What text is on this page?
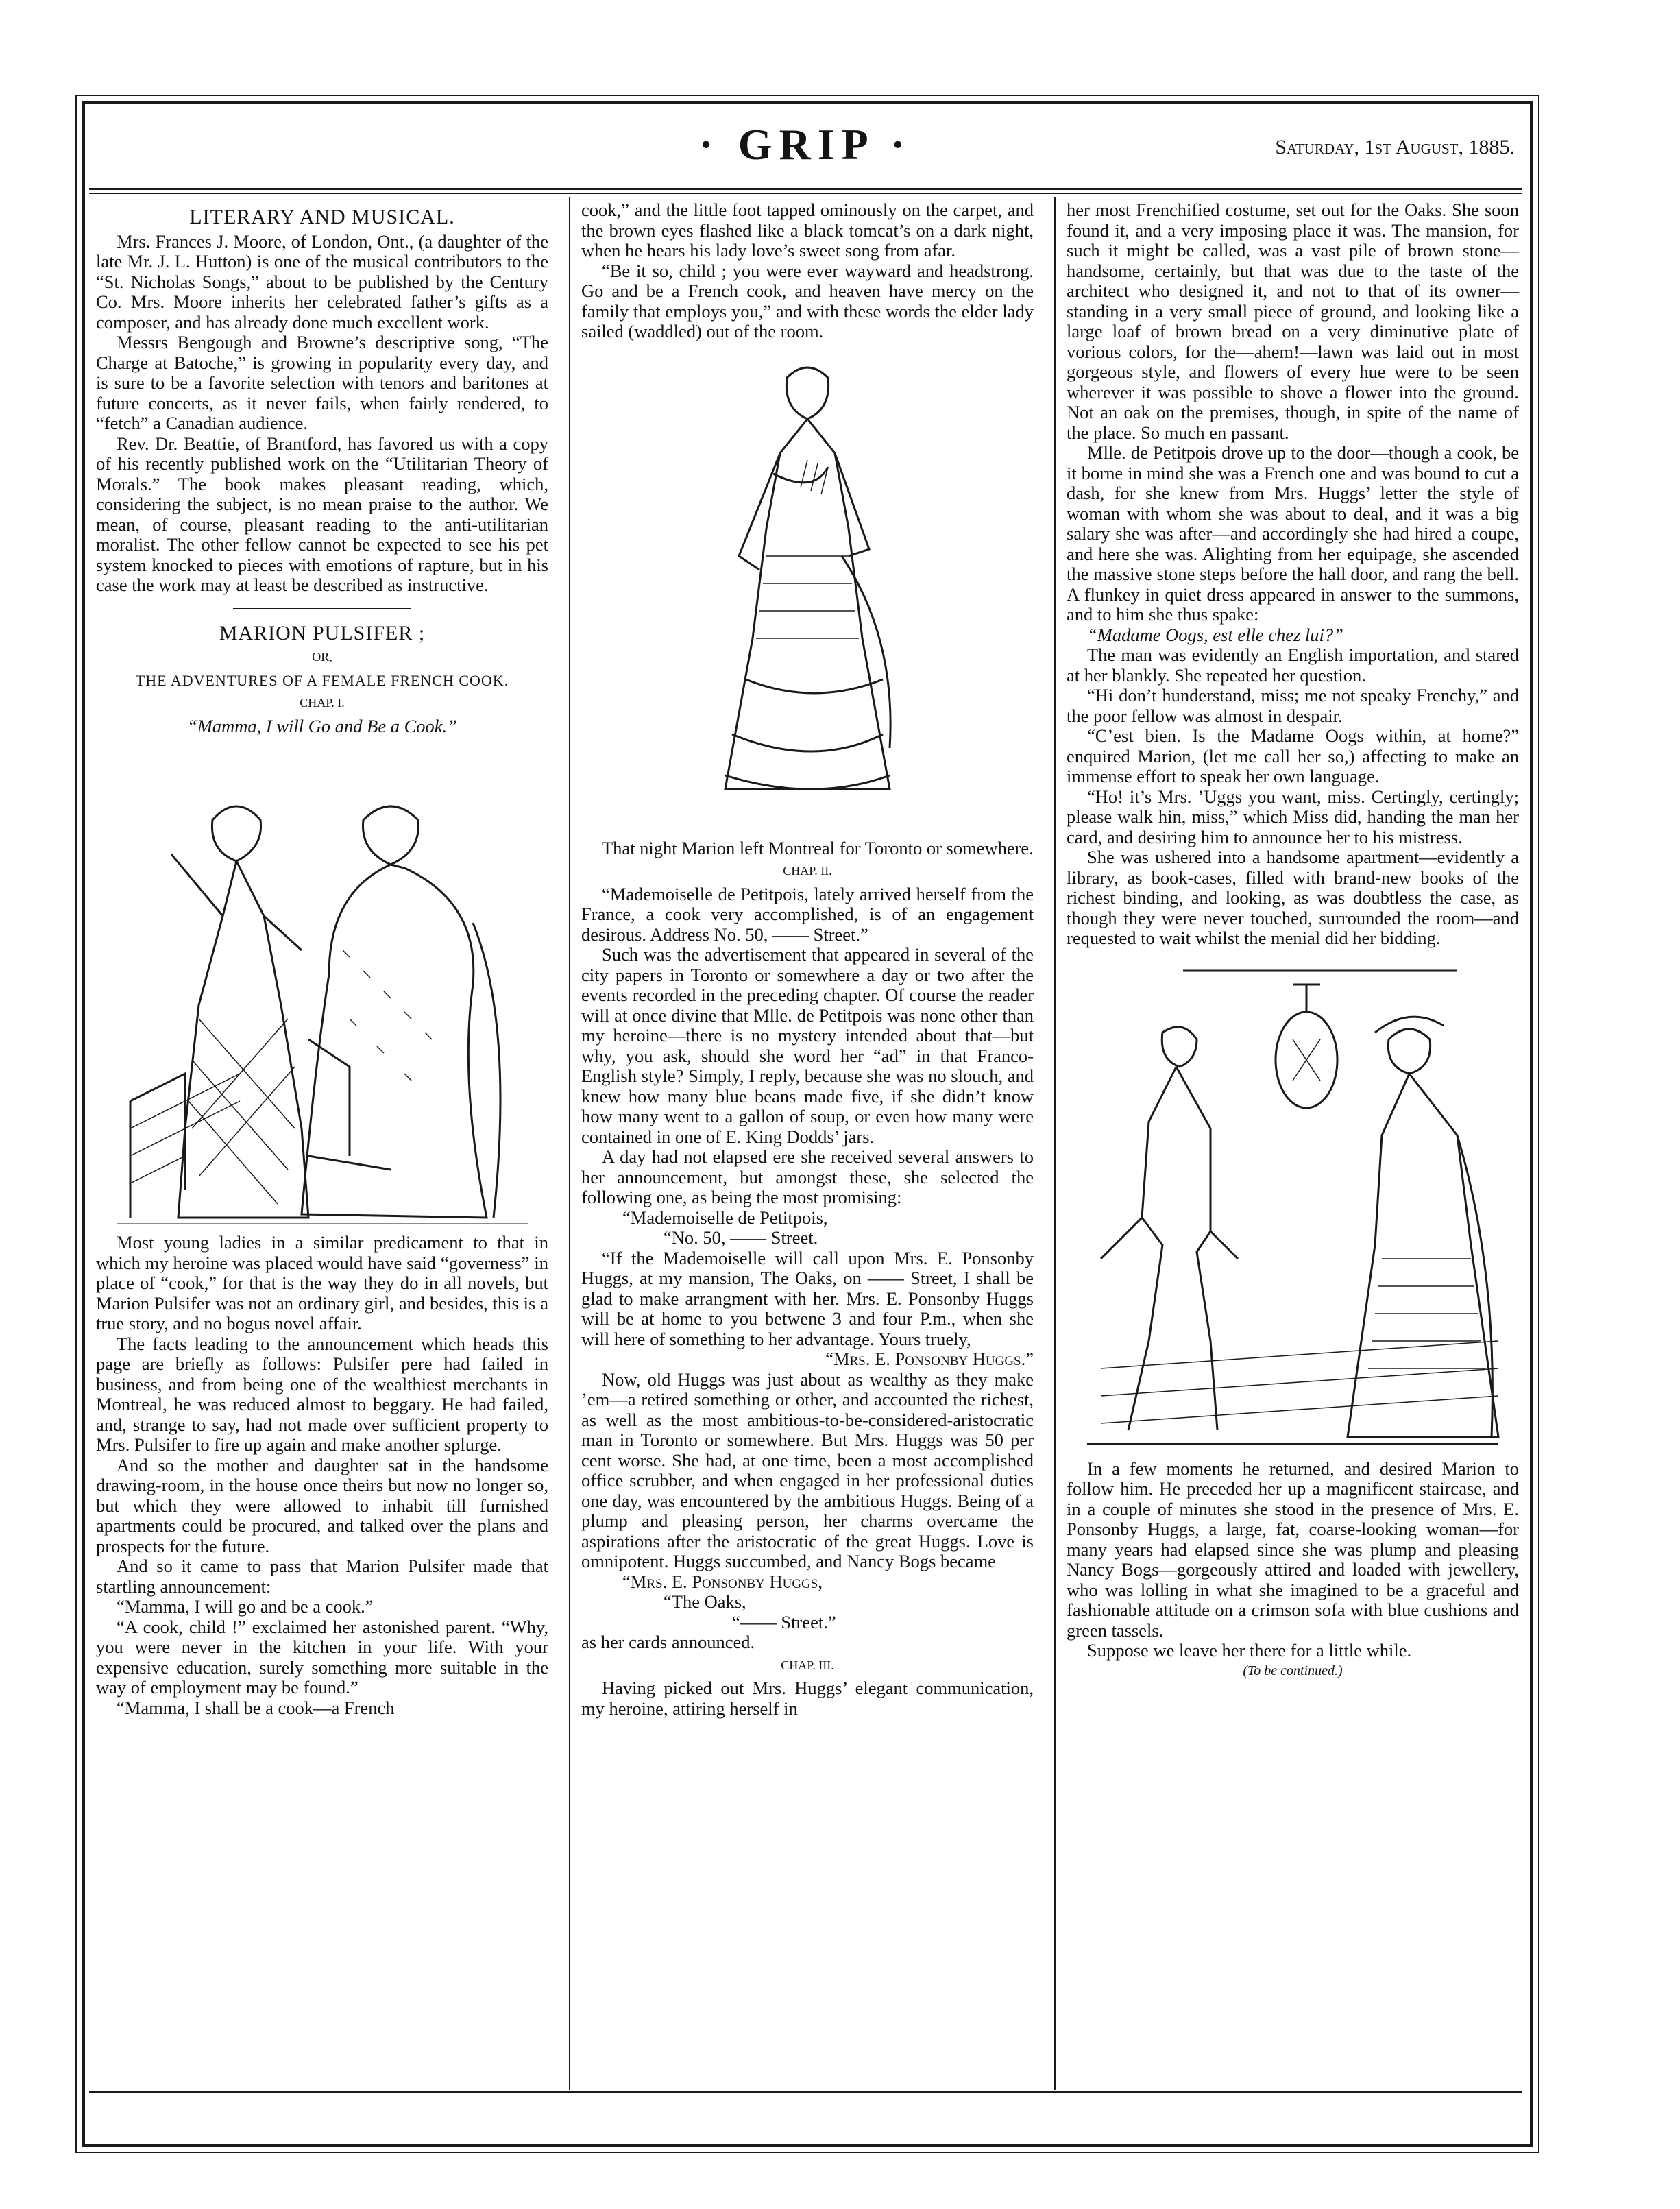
· GRIP ·	Saturday, 1st August, 1885.
LITERARY AND MUSICAL.

Mrs. Frances J. Moore, of London, Ont., (a daughter of the late Mr. J. L. Hutton) is one of the musical contributors to the “St. Nicholas Songs,” about to be published by the Century Co. Mrs. Moore inherits her celebrated father’s gifts as a composer, and has already done much excellent work.

Messrs Bengough and Browne’s descriptive song, “The Charge at Batoche,” is growing in popularity every day, and is sure to be a favorite selection with tenors and baritones at future concerts, as it never fails, when fairly rendered, to “fetch” a Canadian audience.

Rev. Dr. Beattie, of Brantford, has favored us with a copy of his recently published work on the “Utilitarian Theory of Morals.” The book makes pleasant reading, which, considering the subject, is no mean praise to the author. We mean, of course, pleasant reading to the anti-utilitarian moralist. The other fellow cannot be expected to see his pet system knocked to pieces with emotions of rapture, but in his case the work may at least be described as instructive.

MARION PULSIFER ;

OR,

THE ADVENTURES OF A FEMALE FRENCH COOK.

CHAP. I.

“Mamma, I will Go and Be a Cook.”

Most young ladies in a similar predicament to that in which my heroine was placed would have said “governess” in place of “cook,” for that is the way they do in all novels, but Marion Pulsifer was not an ordinary girl, and besides, this is a true story, and no bogus novel affair.

The facts leading to the announcement which heads this page are briefly as follows: Pulsifer pere had failed in business, and from being one of the wealthiest merchants in Montreal, he was reduced almost to beggary. He had failed, and, strange to say, had not made over sufficient property to Mrs. Pulsifer to fire up again and make another splurge.

And so the mother and daughter sat in the handsome drawing-room, in the house once theirs but now no longer so, but which they were allowed to inhabit till furnished apartments could be procured, and talked over the plans and prospects for the future.

And so it came to pass that Marion Pulsifer made that startling announcement:

“Mamma, I will go and be a cook.”

“A cook, child !” exclaimed her astonished parent. “Why, you were never in the kitchen in your life. With your expensive education, surely something more suitable in the way of employment may be found.”

“Mamma, I shall be a cook—a French

cook,” and the little foot tapped ominously on the carpet, and the brown eyes flashed like a black tomcat’s on a dark night, when he hears his lady love’s sweet song from afar.

“Be it so, child ; you were ever wayward and headstrong. Go and be a French cook, and heaven have mercy on the family that employs you,” and with these words the elder lady sailed (waddled) out of the room.

That night Marion left Montreal for Toronto or somewhere.

CHAP. II.

“Mademoiselle de Petitpois, lately arrived herself from the France, a cook very accomplished, is of an engagement desirous. Address No. 50, —— Street.”

Such was the advertisement that appeared in several of the city papers in Toronto or somewhere a day or two after the events recorded in the preceding chapter. Of course the reader will at once divine that Mlle. de Petitpois was none other than my heroine—there is no mystery intended about that—but why, you ask, should she word her “ad” in that Franco-English style? Simply, I reply, because she was no slouch, and knew how many blue beans made five, if she didn’t know how many went to a gallon of soup, or even how many were contained in one of E. King Dodds’ jars.

A day had not elapsed ere she received several answers to her announcement, but amongst these, she selected the following one, as being the most promising:

“Mademoiselle de Petitpois,

“No. 50, —— Street.

“If the Mademoiselle will call upon Mrs. E. Ponsonby Huggs, at my mansion, The Oaks, on —— Street, I shall be glad to make arrangment with her. Mrs. E. Ponsonby Huggs will be at home to you betwene 3 and four P.m., when she will here of something to her advantage. Yours truely,

“Mrs. E. Ponsonby Huggs.”

Now, old Huggs was just about as wealthy as they make ’em—a retired something or other, and accounted the richest, as well as the most ambitious-to-be-considered-aristocratic man in Toronto or somewhere. But Mrs. Huggs was 50 per cent worse. She had, at one time, been a most accomplished office scrubber, and when engaged in her professional duties one day, was encountered by the ambitious Huggs. Being of a plump and pleasing person, her charms overcame the aspirations after the aristocratic of the great Huggs. Love is omnipotent. Huggs succumbed, and Nancy Bogs became

“Mrs. E. Ponsonby Huggs,

“The Oaks,

“—— Street.”

as her cards announced.

CHAP. III.

Having picked out Mrs. Huggs’ elegant communication, my heroine, attiring herself in

her most Frenchified costume, set out for the Oaks. She soon found it, and a very imposing place it was. The mansion, for such it might be called, was a vast pile of brown stone—handsome, certainly, but that was due to the taste of the architect who designed it, and not to that of its owner—standing in a very small piece of ground, and looking like a large loaf of brown bread on a very diminutive plate of vorious colors, for the—ahem!—lawn was laid out in most gorgeous style, and flowers of every hue were to be seen wherever it was possible to shove a flower into the ground. Not an oak on the premises, though, in spite of the name of the place. So much en passant.

Mlle. de Petitpois drove up to the door—though a cook, be it borne in mind she was a French one and was bound to cut a dash, for she knew from Mrs. Huggs’ letter the style of woman with whom she was about to deal, and it was a big salary she was after—and accordingly she had hired a coupe, and here she was. Alighting from her equipage, she ascended the massive stone steps before the hall door, and rang the bell. A flunkey in quiet dress appeared in answer to the summons, and to him she thus spake:

“Madame Oogs, est elle chez lui?”

The man was evidently an English importation, and stared at her blankly. She repeated her question.

“Hi don’t hunderstand, miss; me not speaky Frenchy,” and the poor fellow was almost in despair.

“C’est bien. Is the Madame Oogs within, at home?” enquired Marion, (let me call her so,) affecting to make an immense effort to speak her own language.

“Ho! it’s Mrs. ’Uggs you want, miss. Certingly, certingly; please walk hin, miss,” which Miss did, handing the man her card, and desiring him to announce her to his mistress.

She was ushered into a handsome apartment—evidently a library, as book-cases, filled with brand-new books of the richest binding, and looking, as was doubtless the case, as though they were never touched, surrounded the room—and requested to wait whilst the menial did her bidding.

In a few moments he returned, and desired Marion to follow him. He preceded her up a magnificent staircase, and in a couple of minutes she stood in the presence of Mrs. E. Ponsonby Huggs, a large, fat, coarse-looking woman—for many years had elapsed since she was plump and pleasing Nancy Bogs—gorgeously attired and loaded with jewellery, who was lolling in what she imagined to be a graceful and fashionable attitude on a crimson sofa with blue cushions and green tassels.

Suppose we leave her there for a little while.

(To be continued.)
